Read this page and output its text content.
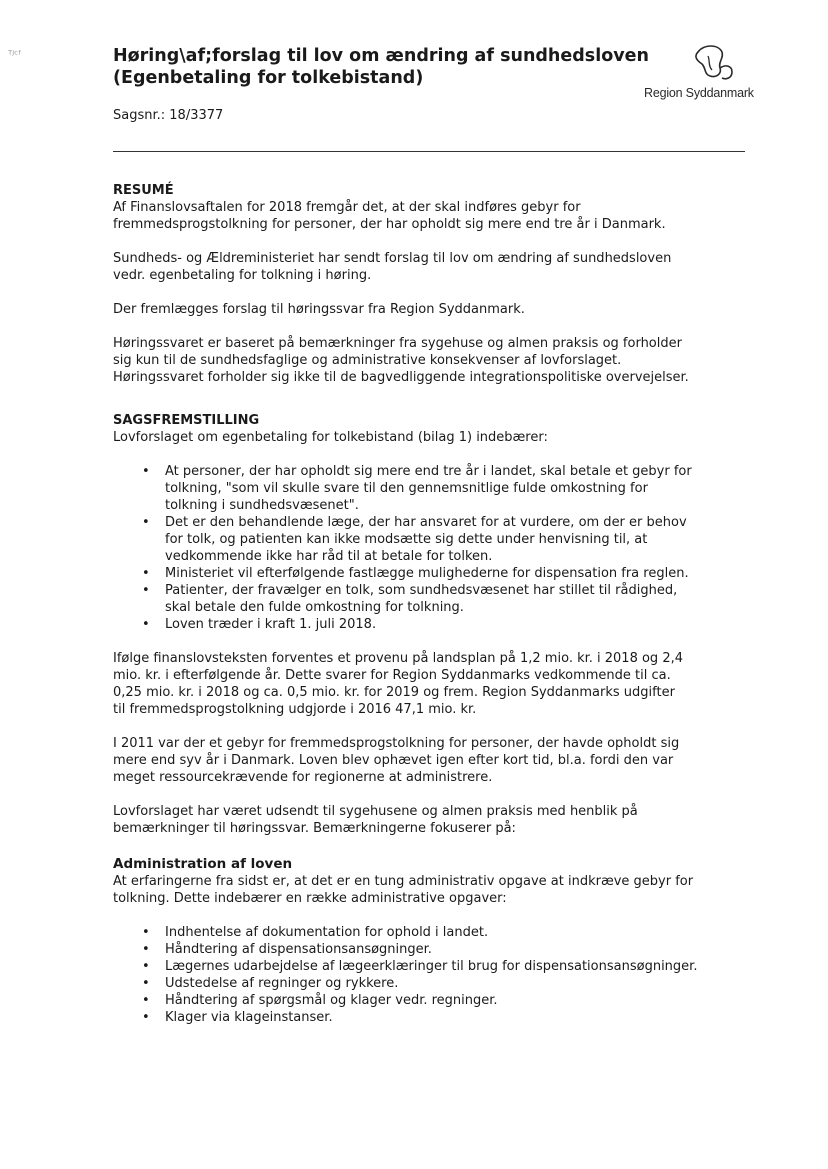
ᵀʲᶜᶠ	Høring\af;forslag til lov om ændring af sundhedsloven
(Egenbetaling for tolkebistand)
Region Syddanmark
Sagsnr.: 18/3377
RESUMÉ

Af Finanslovsaftalen for 2018 fremgår det, at der skal indføres gebyr for
fremmedsprogstolkning for personer, der har opholdt sig mere end tre år i Danmark.

Sundheds- og Ældreministeriet har sendt forslag til lov om ændring af sundhedsloven
vedr. egenbetaling for tolkning i høring.

Der fremlægges forslag til høringssvar fra Region Syddanmark.

Høringssvaret er baseret på bemærkninger fra sygehuse og almen praksis og forholder
sig kun til de sundhedsfaglige og administrative konsekvenser af lovforslaget.
Høringssvaret forholder sig ikke til de bagvedliggende integrationspolitiske overvejelser.

SAGSFREMSTILLING

Lovforslaget om egenbetaling for tolkebistand (bilag 1) indebærer:

• At personer, der har opholdt sig mere end tre år i landet, skal betale et gebyr for
tolkning, "som vil skulle svare til den gennemsnitlige fulde omkostning for
tolkning i sundhedsvæsenet".
• Det er den behandlende læge, der har ansvaret for at vurdere, om der er behov
for tolk, og patienten kan ikke modsætte sig dette under henvisning til, at
vedkommende ikke har råd til at betale for tolken.
• Ministeriet vil efterfølgende fastlægge mulighederne for dispensation fra reglen.
• Patienter, der fravælger en tolk, som sundhedsvæsenet har stillet til rådighed,
skal betale den fulde omkostning for tolkning.
• Loven træder i kraft 1. juli 2018.

Ifølge finanslovsteksten forventes et provenu på landsplan på 1,2 mio. kr. i 2018 og 2,4
mio. kr. i efterfølgende år. Dette svarer for Region Syddanmarks vedkommende til ca.
0,25 mio. kr. i 2018 og ca. 0,5 mio. kr. for 2019 og frem. Region Syddanmarks udgifter
til fremmedsprogstolkning udgjorde i 2016 47,1 mio. kr.

I 2011 var der et gebyr for fremmedsprogstolkning for personer, der havde opholdt sig
mere end syv år i Danmark. Loven blev ophævet igen efter kort tid, bl.a. fordi den var
meget ressourcekrævende for regionerne at administrere.

Lovforslaget har været udsendt til sygehusene og almen praksis med henblik på
bemærkninger til høringssvar. Bemærkningerne fokuserer på:

Administration af loven

At erfaringerne fra sidst er, at det er en tung administrativ opgave at indkræve gebyr for
tolkning. Dette indebærer en række administrative opgaver:

• Indhentelse af dokumentation for ophold i landet.
• Håndtering af dispensationsansøgninger.
• Lægernes udarbejdelse af lægeerklæringer til brug for dispensationsansøgninger.
• Udstedelse af regninger og rykkere.
• Håndtering af spørgsmål og klager vedr. regninger.
• Klager via klageinstanser.
